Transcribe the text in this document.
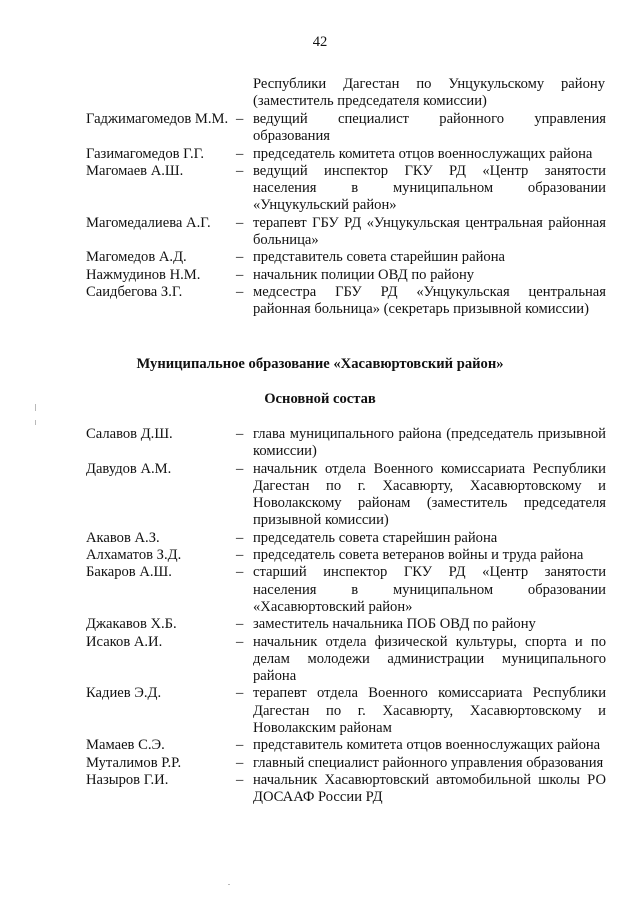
42
Республики Дагестан по Унцукульскому району
(заместитель председателя комиссии)
Гаджимагомедов М.М. – ведущий специалист районного управления образования
Газимагомедов Г.Г.	– председатель комитета отцов военнослужащих района
Магомаев А.Ш.	– ведущий инспектор ГКУ РД «Центр занятости населения в муниципальном образовании «Унцукульский район»
Магомедалиева А.Г.	– терапевт ГБУ РД «Унцукульская центральная районная больница»
Магомедов А.Д.	– представитель совета старейшин района
Нажмудинов Н.М.	– начальник полиции ОВД по району
Саидбегова З.Г.	– медсестра ГБУ РД «Унцукульская центральная районная больница» (секретарь призывной комиссии)
Муниципальное образование «Хасавюртовский район»
Основной состав
Салавов Д.Ш.	– глава муниципального района (председатель призывной комиссии)
Давудов А.М.	– начальник отдела Военного комиссариата Республики Дагестан по г. Хасавюрту, Хасавюртовскому и Новолакскому районам (заместитель председателя призывной комиссии)
Акавов А.З.	– председатель совета старейшин района
Алхаматов З.Д.	– председатель совета ветеранов войны и труда района
Бакаров А.Ш.	– старший инспектор ГКУ РД «Центр занятости населения в муниципальном образовании «Хасавюртовский район»
Джакавов Х.Б.	– заместитель начальника ПОБ ОВД по району
Исаков А.И.	– начальник отдела физической культуры, спорта и по делам молодежи администрации муниципального района
Кадиев Э.Д.	– терапевт отдела Военного комиссариата Республики Дагестан по г. Хасавюрту, Хасавюртовскому и Новолакским районам
Мамаев С.Э.	– представитель комитета отцов военнослужащих района
Муталимов Р.Р.	– главный специалист районного управления образования
Назыров Г.И.	– начальник Хасавюртовский автомобильной школы РО ДОСААФ России РД
